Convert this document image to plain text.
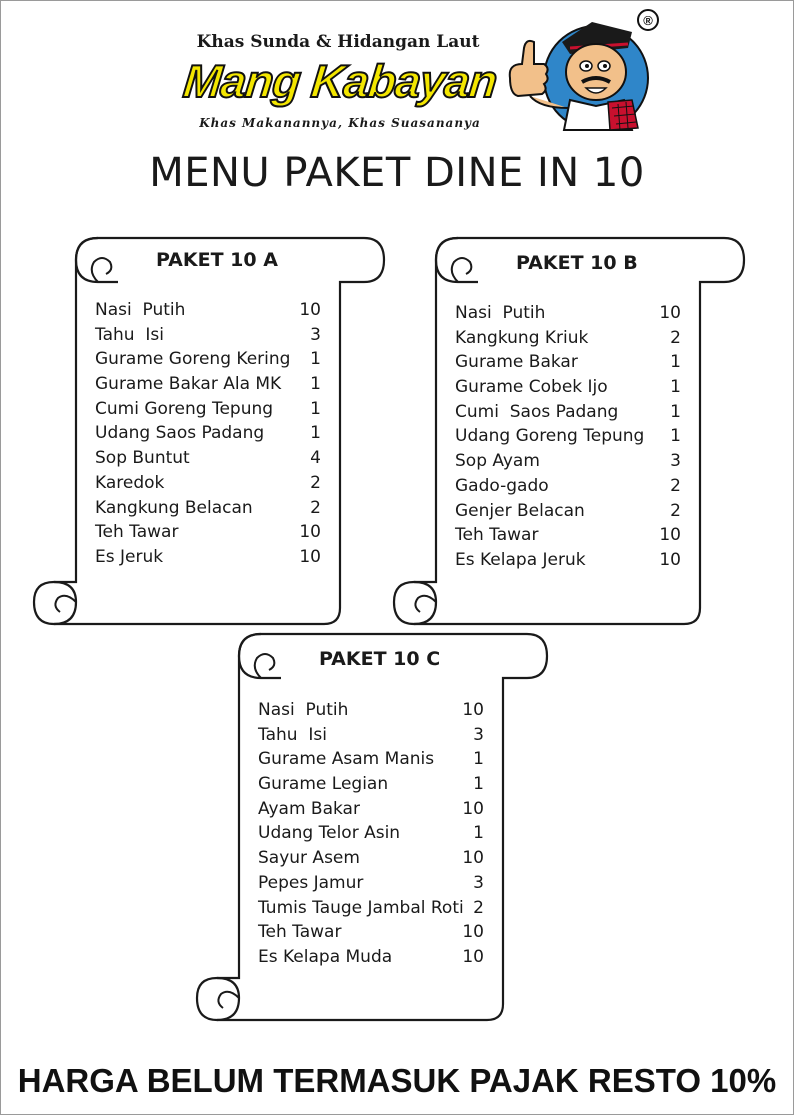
Khas Sunda & Hidangan Laut
Mang Kabayan
Khas Makanannya, Khas Suasananya
®
MENU PAKET DINE IN 10
PAKET 10 A
Nasi  Putih	10
Tahu  Isi	3
Gurame Goreng Kering 1
Gurame Bakar Ala MK 1
Cumi Goreng Tepung 1
Udang Saos Padang	1
Sop Buntut	4
Karedok	2
Kangkung Belacan	2
Teh Tawar	10
Es Jeruk	10
PAKET 10 B
Nasi  Putih	10
Kangkung Kriuk	2
Gurame Bakar	1
Gurame Cobek Ijo	1
Cumi  Saos Padang	1
Udang Goreng Tepung 1
Sop Ayam	3
Gado-gado	2
Genjer Belacan	2
Teh Tawar	10
Es Kelapa Jeruk	10
PAKET 10 C
Nasi  Putih	10
Tahu  Isi	3
Gurame Asam Manis 1
Gurame Legian	1
Ayam Bakar	10
Udang Telor Asin	1
Sayur Asem	10
Pepes Jamur	3
Tumis Tauge Jambal Roti 2
Teh Tawar	10
Es Kelapa Muda	10
HARGA BELUM TERMASUK PAJAK RESTO 10%
